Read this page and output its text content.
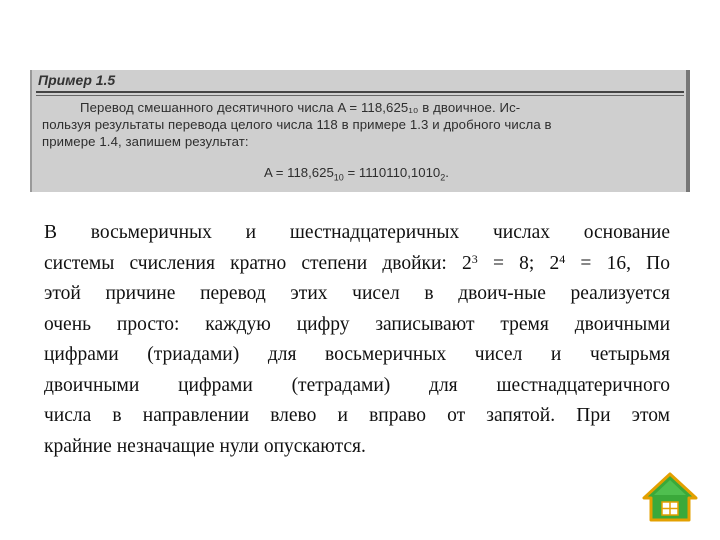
Пример 1.5
Перевод смешанного десятичного числа A = 118,625₁₀ в двоичное. Ис-
пользуя результаты перевода целого числа 118 в примере 1.3 и дробного числа в
примере 1.4, запишем результат:
$A = 118,625_{10} = 1110110,1010_2$.
В восьмеричных и шестнадцатеричных числах основание
системы счисления кратно степени двойки: $2^3 = 8$; $2^4 = 16$, По
этой причине перевод этих чисел в двоич-ные реализуется
очень просто: каждую цифру записывают тремя двоичными
цифрами (триадами) для восьмеричных чисел и четырьмя
двоичными цифрами (тетрадами) для шестнадцатеричного
числа в направлении влево и вправо от запятой. При этом
крайние незначащие нули опускаются.
